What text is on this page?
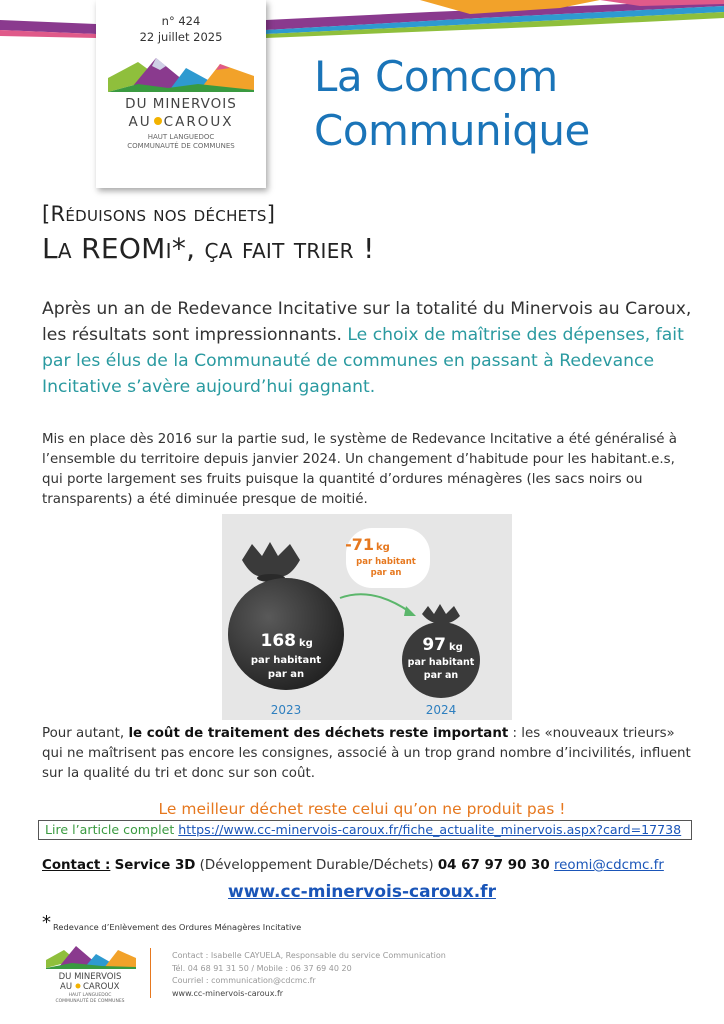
n° 424
22 juillet 2025
DU MINERVOIS
AU CAROUX
HAUT LANGUEDOC
COMMUNAUTÉ DE COMMUNES
La Comcom
Communique
[Réduisons nos déchets]
La REOMi*, ça fait trier !
Après un an de Redevance Incitative sur la totalité du Minervois au Caroux, les résultats sont impressionnants. Le choix de maîtrise des dépenses, fait par les élus de la Communauté de communes en passant à Redevance Incitative s’avère aujourd’hui gagnant.
Mis en place dès 2016 sur la partie sud, le système de Redevance Incitative a été généralisé à l’ensemble du territoire depuis janvier 2024. Un changement d’habitude pour les habitant.e.s, qui porte largement ses fruits puisque la quantité d’ordures ménagères (les sacs noirs ou transparents) a été diminuée presque de moitié.
-71 kg
par habitant
par an
168 kg
par habitant
par an
2023
97 kg
par habitant
par an
2024
Pour autant, le coût de traitement des déchets reste important : les «nouveaux trieurs» qui ne maîtrisent pas encore les consignes, associé à un trop grand nombre d’incivilités, influent sur la qualité du tri et donc sur son coût.
Le meilleur déchet reste celui qu’on ne produit pas !
Lire l’article complet https://www.cc-minervois-caroux.fr/fiche_actualite_minervois.aspx?card=17738
Contact : Service 3D (Développement Durable/Déchets) 04 67 97 90 30 reomi@cdcmc.fr
www.cc-minervois-caroux.fr
* Redevance d’Enlèvement des Ordures Ménagères Incitative
DU MINERVOIS
AU CAROUX
HAUT LANGUEDOC
COMMUNAUTÉ DE COMMUNES
Contact : Isabelle CAYUELA, Responsable du service Communication
Tél. 04 68 91 31 50 / Mobile : 06 37 69 40 20
Courriel : communication@cdcmc.fr
www.cc-minervois-caroux.fr
